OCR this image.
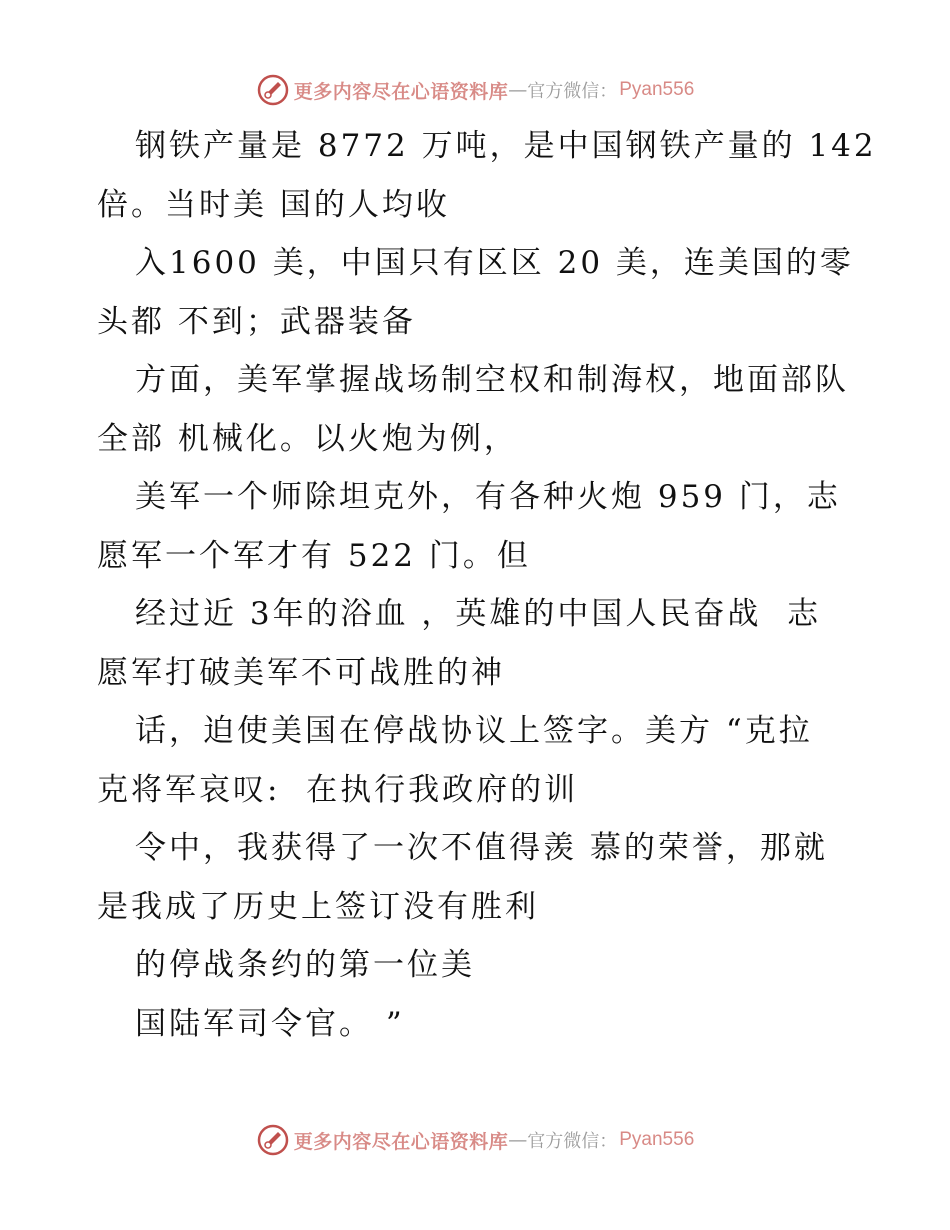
更多内容尽在心语资料库 — 官方微信： Pyan556
钢铁产量是 8772 万吨，是中国钢铁产量的 142
倍。当时美 国的人均收
入1600 美，中国只有区区 20 美，连美国的零
头都 不到；武器装备
方面，美军掌握战场制空权和制海权，地面部队
全部 机械化。以火炮为例，
美军一个师除坦克外，有各种火炮 959 门，志
愿军一个军才有 522 门。但
经过近 3年的浴血 ，英雄的中国人民奋战  志
愿军打破美军不可战胜的神
话，迫使美国在停战协议上签字。美方 “克拉
克将军哀叹:  在执行我政府的训
令中，我获得了一次不值得羡 慕的荣誉，那就
是我成了历史上签订没有胜利
的停战条约的第一位美
国陆军司令官。 ”
更多内容尽在心语资料库 — 官方微信： Pyan556
